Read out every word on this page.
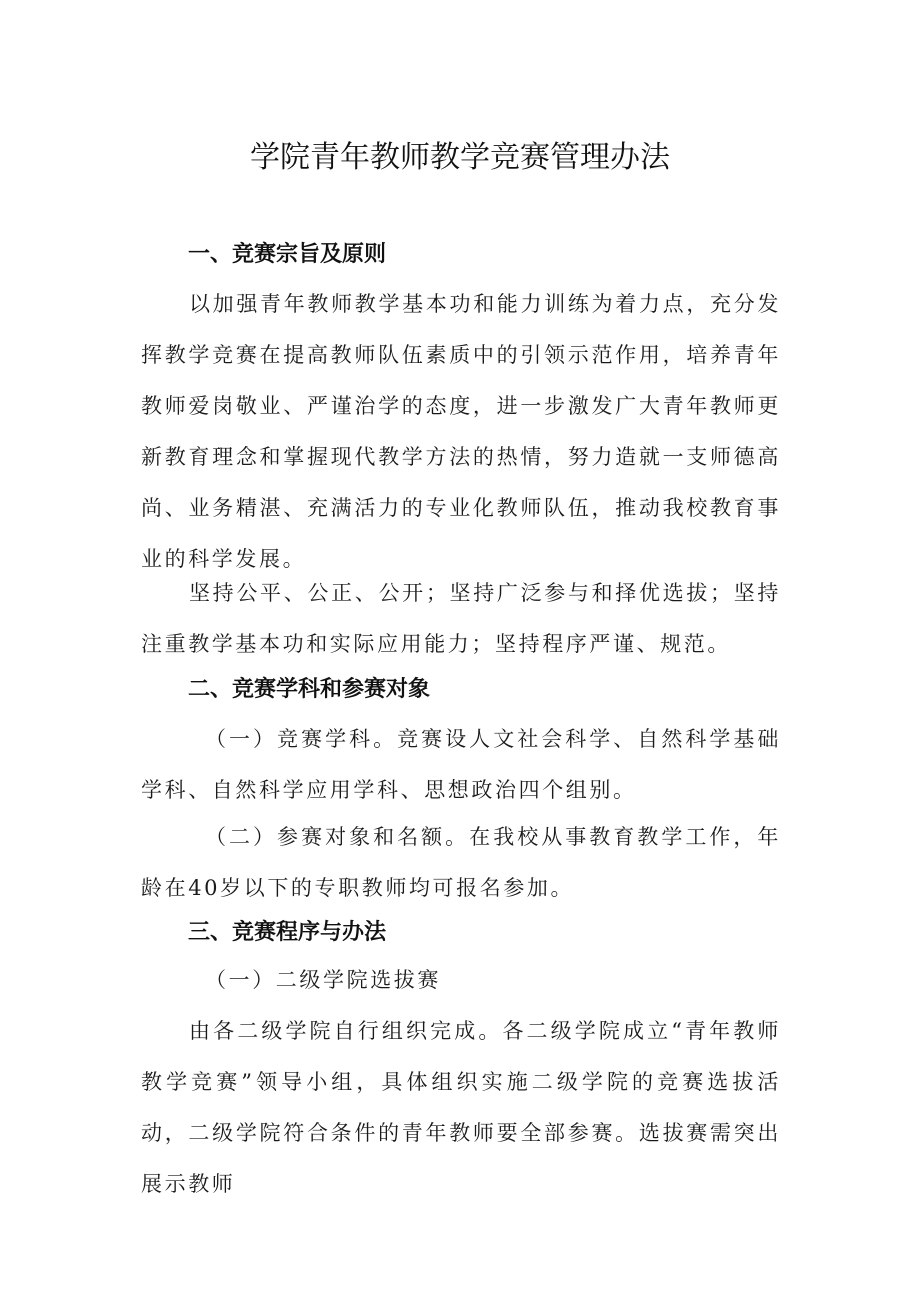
学院青年教师教学竞赛管理办法
一、竞赛宗旨及原则
以加强青年教师教学基本功和能力训练为着力点，充分发挥教学竞赛在提高教师队伍素质中的引领示范作用，培养青年教师爱岗敬业、严谨治学的态度，进一步激发广大青年教师更新教育理念和掌握现代教学方法的热情，努力造就一支师德高尚、业务精湛、充满活力的专业化教师队伍，推动我校教育事业的科学发展。
坚持公平、公正、公开；坚持广泛参与和择优选拔；坚持注重教学基本功和实际应用能力；坚持程序严谨、规范。
二、竞赛学科和参赛对象
（一）竞赛学科。竞赛设人文社会科学、自然科学基础学科、自然科学应用学科、思想政治四个组别。
（二）参赛对象和名额。在我校从事教育教学工作，年龄在40岁以下的专职教师均可报名参加。
三、竞赛程序与办法
（一）二级学院选拔赛
由各二级学院自行组织完成。各二级学院成立“青年教师教学竞赛”领导小组，具体组织实施二级学院的竞赛选拔活动，二级学院符合条件的青年教师要全部参赛。选拔赛需突出展示教师
